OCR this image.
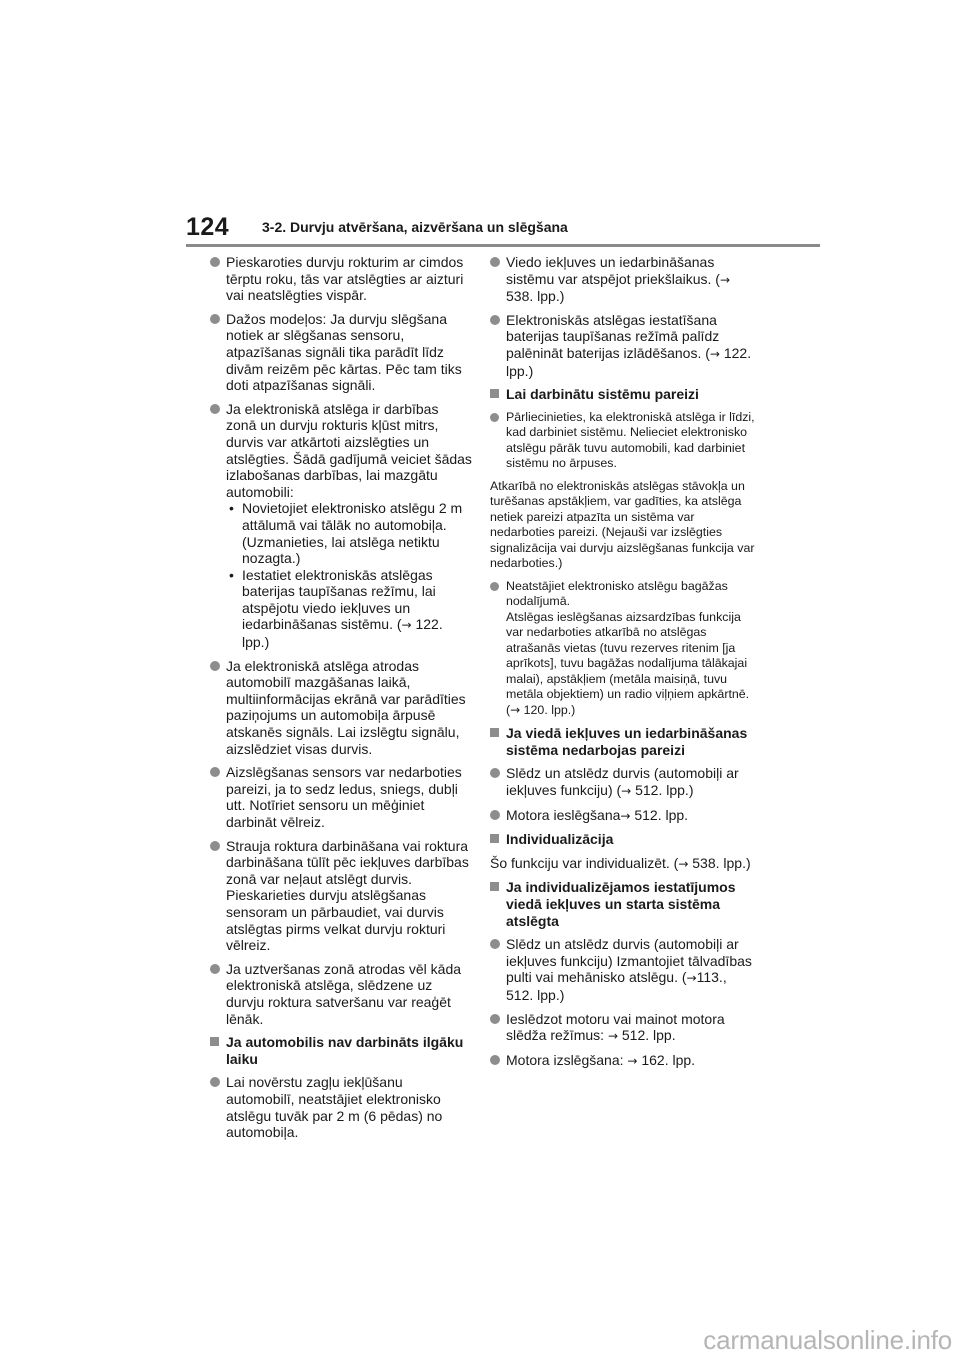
124 3-2. Durvju atvēršana, aizvēršana un slēgšana
Pieskaroties durvju rokturim ar cimdos tērptu roku, tās var atslēgties ar aizturi vai neatslēgties vispār.
Dažos modeļos: Ja durvju slēgšana notiek ar slēgšanas sensoru, atpazīšanas signāli tika parādīt līdz divām reizēm pēc kārtas. Pēc tam tiks doti atpazīšanas signāli.
Ja elektroniskā atslēga ir darbības zonā un durvju rokturis kļūst mitrs, durvis var atkārtoti aizslēgties un atslēgties. Šādā gadījumā veiciet šādas izlabošanas darbības, lai mazgātu automobili:
• Novietojiet elektronisko atslēgu 2 m attālumā vai tālāk no automobiļa. (Uzmanieties, lai atslēga netiktu nozagta.)
• Iestatiet elektroniskās atslēgas baterijas taupīšanas režīmu, lai atspējotu viedo iekļuves un iedarbināšanas sistēmu. (→ 122. lpp.)
Ja elektroniskā atslēga atrodas automobilī mazgāšanas laikā, multiinformācijas ekrānā var parādīties paziņojums un automobiļa ārpusē atskanēs signāls. Lai izslēgtu signālu, aizslēdziet visas durvis.
Aizslēgšanas sensors var nedarboties pareizi, ja to sedz ledus, sniegs, dubļi utt. Notīriet sensoru un mēģiniet darbināt vēlreiz.
Strauja roktura darbināšana vai roktura darbināšana tūlīt pēc iekļuves darbības zonā var neļaut atslēgt durvis. Pieskarieties durvju atslēgšanas sensoram un pārbaudiet, vai durvis atslēgtas pirms velkat durvju rokturi vēlreiz.
Ja uztveršanas zonā atrodas vēl kāda elektroniskā atslēga, slēdzene uz durvju roktura satveršanu var reaģēt lēnāk.
Ja automobilis nav darbināts ilgāku laiku
Lai novērstu zagļu iekļūšanu automobilī, neatstājiet elektronisko atslēgu tuvāk par 2 m (6 pēdas) no automobiļa.
Viedo iekļuves un iedarbināšanas sistēmu var atspējot priekšlaikus. (→ 538. lpp.)
Elektroniskās atslēgas iestatīšana baterijas taupīšanas režīmā palīdz palēnināt baterijas izlādēšanos. (→ 122. lpp.)
Lai darbinātu sistēmu pareizi
Pārliecinieties, ka elektroniskā atslēga ir līdzi, kad darbiniet sistēmu. Nelieciet elektronisko atslēgu pārāk tuvu automobili, kad darbiniet sistēmu no ārpuses.
Atkarībā no elektroniskās atslēgas stāvokļa un turēšanas apstākļiem, var gadīties, ka atslēga netiek pareizi atpazīta un sistēma var nedarboties pareizi. (Nejauši var izslēgties signalizācija vai durvju aizslēgšanas funkcija var nedarboties.)
Neatstājiet elektronisko atslēgu bagāžas nodalījumā.
Atslēgas ieslēgšanas aizsardzības funkcija var nedarboties atkarībā no atslēgas atrašanās vietas (tuvu rezerves ritenim [ja aprīkots], tuvu bagāžas nodalījuma tālākajai malai), apstākļiem (metāla maisiņā, tuvu metāla objektiem) un radio viļņiem apkārtnē. (→ 120. lpp.)
Ja viedā iekļuves un iedarbināšanas sistēma nedarbojas pareizi
Slēdz un atslēdz durvis (automobiļi ar iekļuves funkciju) (→ 512. lpp.)
Motora ieslēgšana→ 512. lpp.
Individualizācija
Šo funkciju var individualizēt. (→ 538. lpp.)
Ja individualizējamos iestatījumos viedā iekļuves un starta sistēma atslēgta
Slēdz un atslēdz durvis (automobiļi ar iekļuves funkciju) Izmantojiet tālvadības pulti vai mehānisko atslēgu. (→113., 512. lpp.)
Ieslēdzot motoru vai mainot motora slēdža režīmus: → 512. lpp.
Motora izslēgšana: → 162. lpp.
carmanualsonline.info
